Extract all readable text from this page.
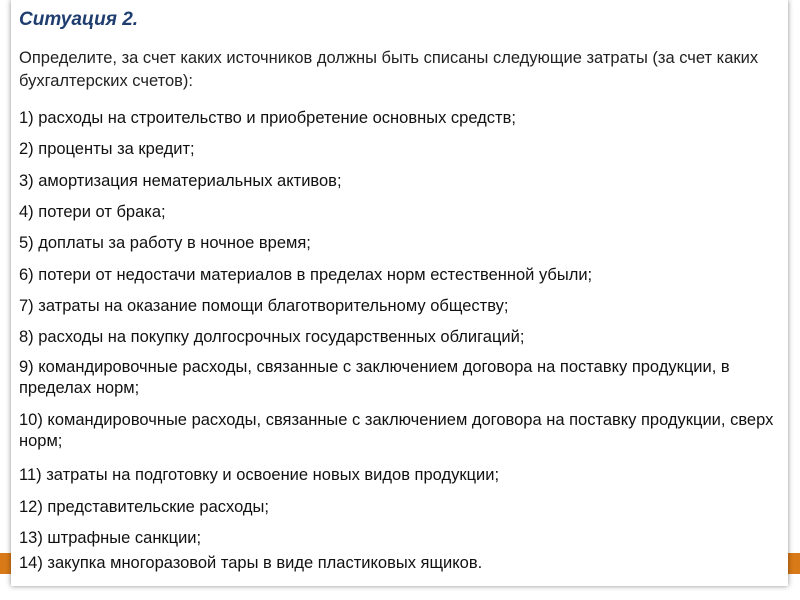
Ситуация 2.
Определите, за счет каких источников должны быть списаны следующие затраты (за счет каких бухгалтерских счетов):
1) расходы на строительство и приобретение основных средств;
2) проценты за кредит;
3) амортизация нематериальных активов;
4) потери от брака;
5) доплаты за работу в ночное время;
6) потери от недостачи материалов в пределах норм естественной убыли;
7) затраты на оказание помощи благотворительному обществу;
8) расходы на покупку долгосрочных государственных облигаций;
9) командировочные расходы, связанные с заключением договора на поставку продукции, в пределах норм;
10) командировочные расходы, связанные с заключением договора на поставку продукции, сверх норм;
11) затраты на подготовку и освоение новых видов продукции;
12) представительские расходы;
13) штрафные санкции;
14) закупка многоразовой тары в виде пластиковых ящиков.
